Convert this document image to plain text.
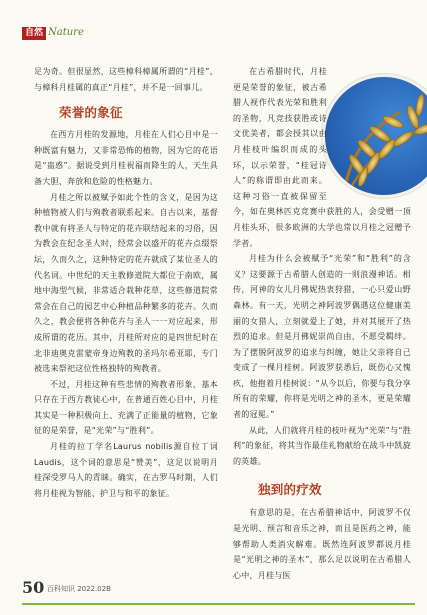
自然 Nature

足为奇。但很显然，这些樟科樟属所谓的“月桂”，与樟科月桂属的真正“月桂”，并不是一回事儿。

荣誉的象征

在西方月桂的发源地，月桂在人们心目中是一种既富有魅力，又非常恐怖的植物，因为它的花语是“蛊惑”。据说受到月桂祝福而降生的人，天生具备大胆、奔放和危险的性格魅力。

月桂之所以被赋予如此个性的含义，是因为这种植物被人们与殉教者联系起来。自古以来，基督教中就有将圣人与特定的花卉联结起来的习俗，因为教会在纪念圣人时，经常会以盛开的花卉点缀祭坛，久而久之，这种特定的花卉就成了某位圣人的代名词。中世纪的天主教修道院大都位于南欧，属地中海型气候，非常适合栽种花草，这些修道院常常会在自己的园艺中心种植品种繁多的花卉。久而久之，教会便将各种花卉与圣人一一对应起来，形成所谓的花历。其中，月桂所对应的是四世纪时在北非迪奥克雷蒙帝身边殉教的圣玛尔希亚耶，专门被选来祭祀这位性格独特的殉教者。

不过，月桂这种有些悲情的殉教者形象，基本只存在于西方教徒心中，在普通百姓心目中，月桂其实是一种积极向上、充满了正能量的植物，它象征的是荣誉，是“光荣”与“胜利”。

月桂的拉丁学名Laurus nobilis源自拉丁词Laudis，这个词的意思是“赞美”，这足以说明月桂深受罗马人的青睐。确实，在古罗马时期，人们将月桂视为智能、护卫与和平的象征。

在古希腊时代，月桂更是荣誉的象征，被古希腊人视作代表光荣和胜利的圣物，凡竞技获胜或诗文优美者，都会授其以由月桂枝叶编织而成的头环，以示荣誉，“桂冠诗人”的称谓即由此而来。这种习俗一直被保留至今，如在奥林匹克竞赛中获胜的人，会受赠一顶月桂头环，很多欧洲的大学也常以月桂之冠赠予学者。

月桂为什么会被赋予“光荣”和“胜利”的含义？这要源于古希腊人创造的一则浪漫神话。相传，河神的女儿月佛妮热衷狩猎，一心只爱山野森林。有一天，光明之神阿波罗偶遇这位健康美丽的女猎人，立刻就爱上了她，并对其展开了热烈的追求。但是月佛妮崇尚自由，不愿受羁绊。为了摆脱阿波罗的追求与纠缠，她让父亲将自己变成了一棵月桂树。阿波罗获悉后，既伤心又愧疚，他抱着月桂树说：“从今以后，你要与我分享所有的荣耀，你将是光明之神的圣木，更是荣耀者的冠冕。”

从此，人们就将月桂的枝叶视为“光荣”与“胜利”的象征，将其当作最佳礼物献给在战斗中凯旋的英雄。

独到的疗效

有意思的是，在古希腊神话中，阿波罗不仅是光明、预言和音乐之神，而且是医药之神，能够帮助人类消灾解难。既然连阿波罗都说月桂是“光明之神的圣木”，那么足以说明在古希腊人心中，月桂与医

50 百科知识 2022.02B
